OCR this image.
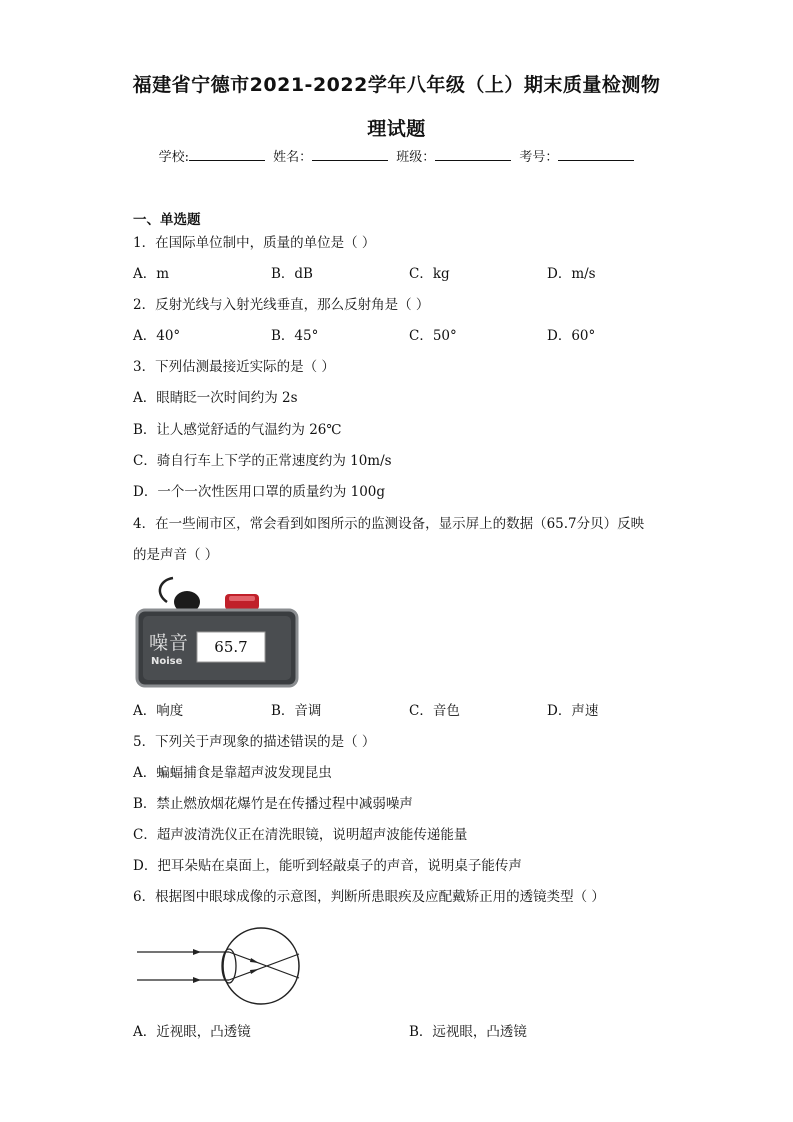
福建省宁德市2021-2022学年八年级（上）期末质量检测物
理试题
学校:	姓名：	班级：	考号：
一、单选题
1．在国际单位制中，质量的单位是（ ）
A．m	B．dB	C．kg	D．m/s
2．反射光线与入射光线垂直，那么反射角是（ ）
A．40°	B．45°	C．50°	D．60°
3．下列估测最接近实际的是（ ）
A．眼睛眨一次时间约为 2s
B．让人感觉舒适的气温约为 26℃
C．骑自行车上下学的正常速度约为 10m/s
D．一个一次性医用口罩的质量约为 100g
4．在一些闹市区，常会看到如图所示的监测设备，显示屏上的数据（65.7分贝）反映
的是声音（ ）
噪音
Noise
65.7
A．响度	B．音调	C．音色	D．声速
5．下列关于声现象的描述错误的是（ ）
A．蝙蝠捕食是靠超声波发现昆虫
B．禁止燃放烟花爆竹是在传播过程中减弱噪声
C．超声波清洗仪正在清洗眼镜，说明超声波能传递能量
D．把耳朵贴在桌面上，能听到轻敲桌子的声音，说明桌子能传声
6．根据图中眼球成像的示意图，判断所患眼疾及应配戴矫正用的透镜类型（ ）
A．近视眼，凸透镜	B．远视眼，凸透镜
